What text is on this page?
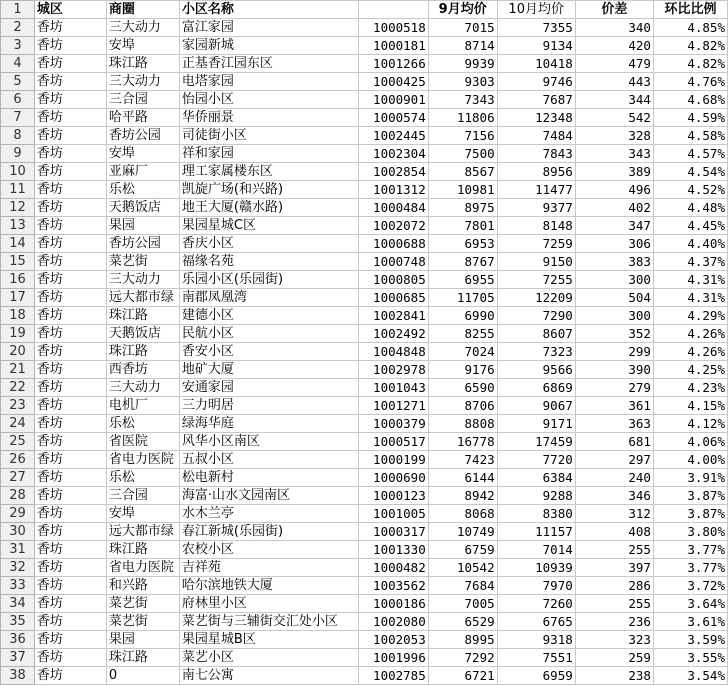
1	城区	商圈	小区名称		9月均价	10月均价	价差	环比比例
2	香坊	三大动力	富江家园	1000518	7015	7355	340	4.85%
3	香坊	安埠	家园新城	1000181	8714	9134	420	4.82%
4	香坊	珠江路	正基香江园东区	1001266	9939	10418	479	4.82%
5	香坊	三大动力	电塔家园	1000425	9303	9746	443	4.76%
6	香坊	三合园	怡园小区	1000901	7343	7687	344	4.68%
7	香坊	哈平路	华侨丽景	1000574	11806	12348	542	4.59%
8	香坊	香坊公园	司徒街小区	1002445	7156	7484	328	4.58%
9	香坊	安埠	祥和家园	1002304	7500	7843	343	4.57%
10	香坊	亚麻厂	理工家属楼东区	1002854	8567	8956	389	4.54%
11	香坊	乐松	凯旋广场(和兴路)	1001312	10981	11477	496	4.52%
12	香坊	天鹅饭店	地王大厦(赣水路)	1000484	8975	9377	402	4.48%
13	香坊	果园	果园星城C区	1002072	7801	8148	347	4.45%
14	香坊	香坊公园	香庆小区	1000688	6953	7259	306	4.40%
15	香坊	菜艺街	福缘名苑	1000748	8767	9150	383	4.37%
16	香坊	三大动力	乐园小区(乐园街)	1000805	6955	7255	300	4.31%
17	香坊	远大都市绿	南郡凤凰湾	1000685	11705	12209	504	4.31%
18	香坊	珠江路	建德小区	1002841	6990	7290	300	4.29%
19	香坊	天鹅饭店	民航小区	1002492	8255	8607	352	4.26%
20	香坊	珠江路	香安小区	1004848	7024	7323	299	4.26%
21	香坊	西香坊	地矿大厦	1002978	9176	9566	390	4.25%
22	香坊	三大动力	安通家园	1001043	6590	6869	279	4.23%
23	香坊	电机厂	三力明居	1001271	8706	9067	361	4.15%
24	香坊	乐松	绿海华庭	1000379	8808	9171	363	4.12%
25	香坊	省医院	风华小区南区	1000517	16778	17459	681	4.06%
26	香坊	省电力医院	五叔小区	1000199	7423	7720	297	4.00%
27	香坊	乐松	松电新村	1000690	6144	6384	240	3.91%
28	香坊	三合园	海富·山水文园南区	1000123	8942	9288	346	3.87%
29	香坊	安埠	水木兰亭	1001005	8068	8380	312	3.87%
30	香坊	远大都市绿	春江新城(乐园街)	1000317	10749	11157	408	3.80%
31	香坊	珠江路	农校小区	1001330	6759	7014	255	3.77%
32	香坊	省电力医院	吉祥苑	1000482	10542	10939	397	3.77%
33	香坊	和兴路	哈尔滨地铁大厦	1003562	7684	7970	286	3.72%
34	香坊	菜艺街	府林里小区	1000186	7005	7260	255	3.64%
35	香坊	菜艺街	菜艺街与三辅街交汇处小区	1002080	6529	6765	236	3.61%
36	香坊	果园	果园星城B区	1002053	8995	9318	323	3.59%
37	香坊	珠江路	菜艺小区	1001996	7292	7551	259	3.55%
38	香坊	0	南七公寓	1002785	6721	6959	238	3.54%
